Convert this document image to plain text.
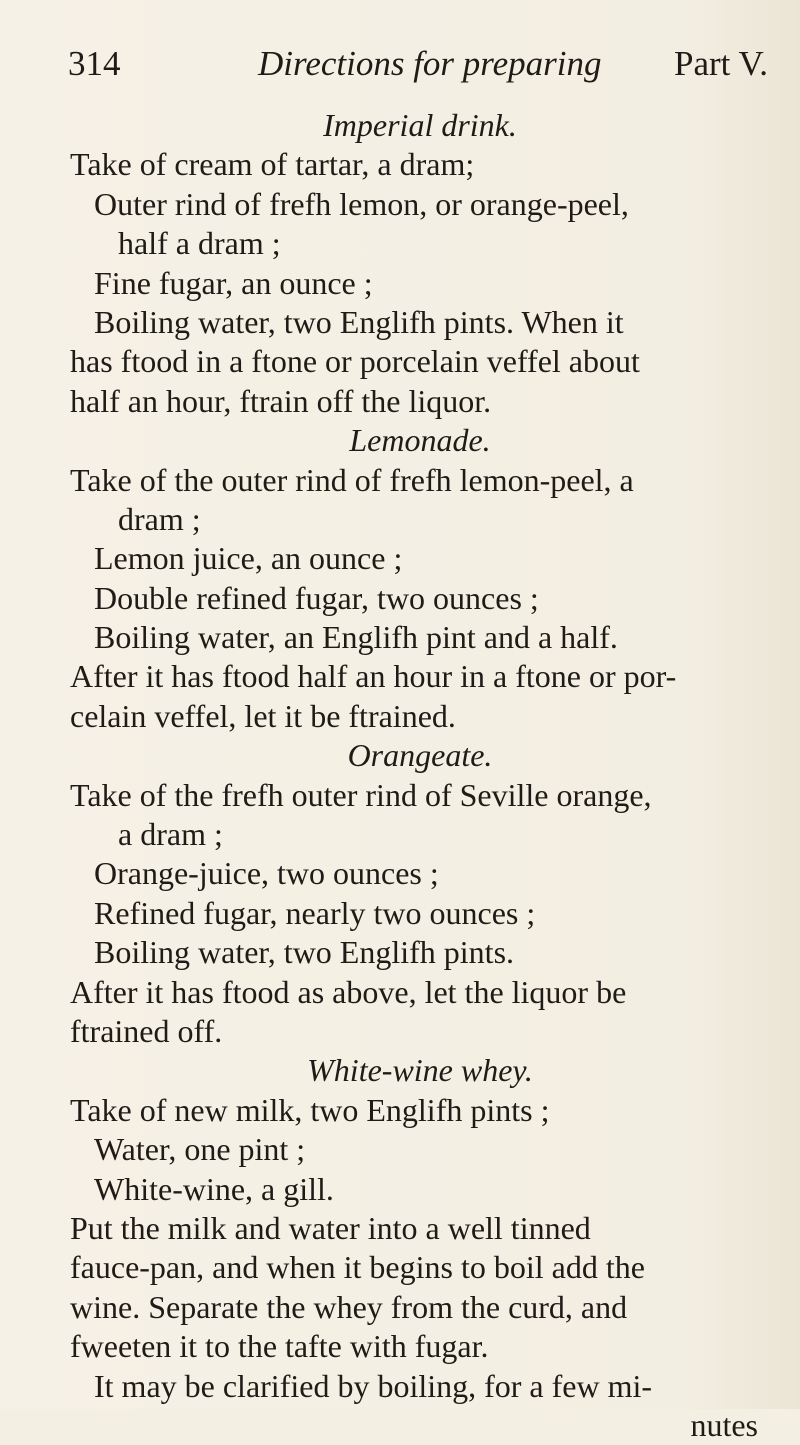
314	Directions for preparing Part V.
Imperial drink.
Take of cream of tartar, a dram;
Outer rind of frefh lemon, or orange-peel,
half a dram ;
Fine fugar, an ounce ;
Boiling water, two Englifh pints. When it
has ftood in a ftone or porcelain veffel about
half an hour, ftrain off the liquor.
Lemonade.
Take of the outer rind of frefh lemon-peel, a
dram ;
Lemon juice, an ounce ;
Double refined fugar, two ounces ;
Boiling water, an Englifh pint and a half.
After it has ftood half an hour in a ftone or por-
celain veffel, let it be ftrained.
Orangeate.
Take of the frefh outer rind of Seville orange,
a dram ;
Orange-juice, two ounces ;
Refined fugar, nearly two ounces ;
Boiling water, two Englifh pints.
After it has ftood as above, let the liquor be
ftrained off.
White-wine whey.
Take of new milk, two Englifh pints ;
Water, one pint ;
White-wine, a gill.
Put the milk and water into a well tinned
fauce-pan, and when it begins to boil add the
wine. Separate the whey from the curd, and
fweeten it to the tafte with fugar.
It may be clarified by boiling, for a few mi-
nutes
